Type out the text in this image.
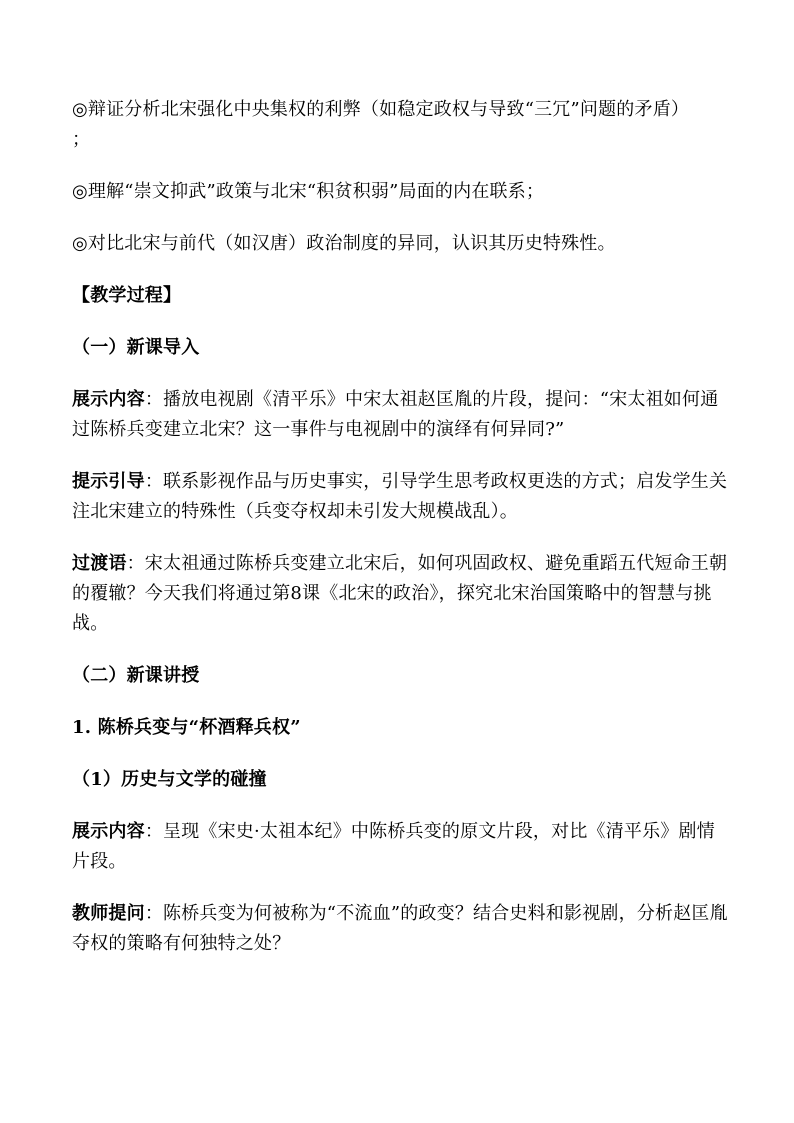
◎辩证分析北宋强化中央集权的利弊（如稳定政权与导致“三冗”问题的矛盾）

；

◎理解“崇文抑武”政策与北宋“积贫积弱”局面的内在联系；

◎对比北宋与前代（如汉唐）政治制度的异同，认识其历史特殊性。

【教学过程】

（一）新课导入

展示内容：播放电视剧《清平乐》中宋太祖赵匡胤的片段，提问：“宋太祖如何通过陈桥兵变建立北宋？这一事件与电视剧中的演绎有何异同?”

提示引导：联系影视作品与历史事实，引导学生思考政权更迭的方式；启发学生关注北宋建立的特殊性（兵变夺权却未引发大规模战乱）。

过渡语：宋太祖通过陈桥兵变建立北宋后，如何巩固政权、避免重蹈五代短命王朝的覆辙？今天我们将通过第8课《北宋的政治》，探究北宋治国策略中的智慧与挑战。

（二）新课讲授

1. 陈桥兵变与“杯酒释兵权”

（1）历史与文学的碰撞

展示内容：呈现《宋史·太祖本纪》中陈桥兵变的原文片段，对比《清平乐》剧情片段。

教师提问：陈桥兵变为何被称为“不流血”的政变？结合史料和影视剧，分析赵匡胤夺权的策略有何独特之处？
